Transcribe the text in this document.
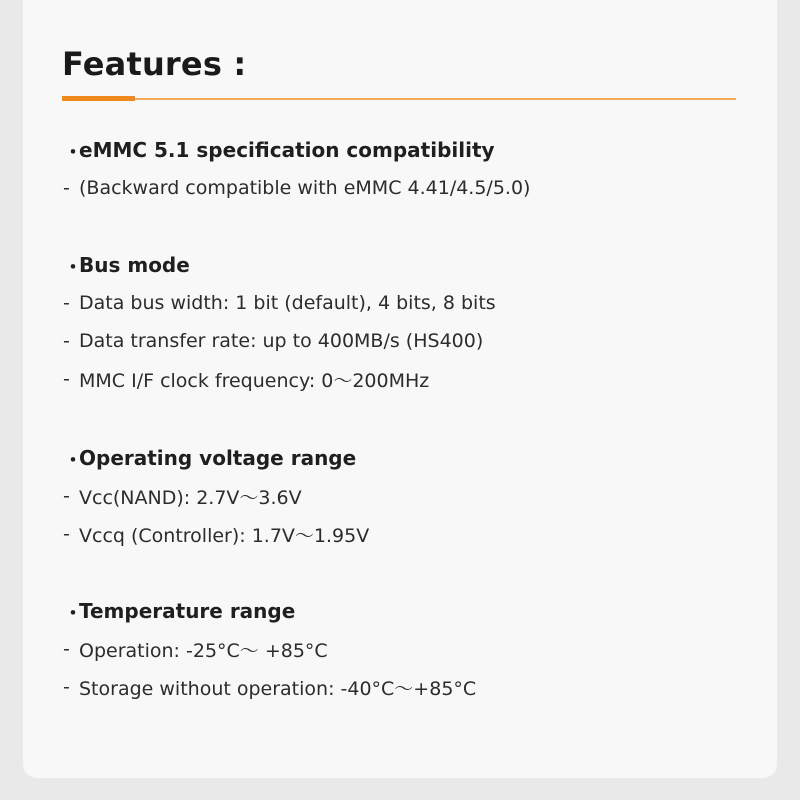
Features :
・
eMMC 5.1 specification compatibility
- (Backward compatible with eMMC 4.41/4.5/5.0)
・
Bus mode
- Data bus width: 1 bit (default), 4 bits, 8 bits
- Data transfer rate: up to 400MB/s (HS400)
- MMC I/F clock frequency: 0～200MHz
・
Operating voltage range
- Vcc(NAND): 2.7V～3.6V
- Vccq (Controller): 1.7V～1.95V
・
Temperature range
- Operation: -25°C～ +85°C
- Storage without operation: -40°C～+85°C
